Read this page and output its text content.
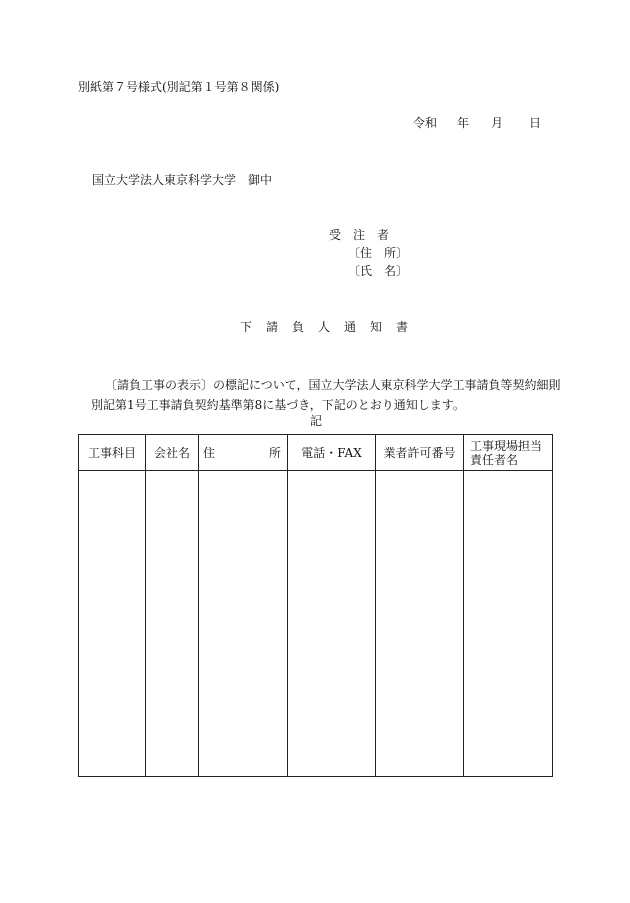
別紙第７号様式(別記第１号第８関係)
令和 年 月 日
国立大学法人東京科学大学　御中
受　注　者
〔住　所〕
〔氏　名〕
下　請　負　人　通　知　書
〔請負工事の表示〕の標記について，国立大学法人東京科学大学工事請負等契約細則
別記第1号工事請負契約基準第8に基づき，下記のとおり通知します。
記
工事科目	会社名	住 所	電話・FAX	業者許可番号	工事現場担当
責任者名
